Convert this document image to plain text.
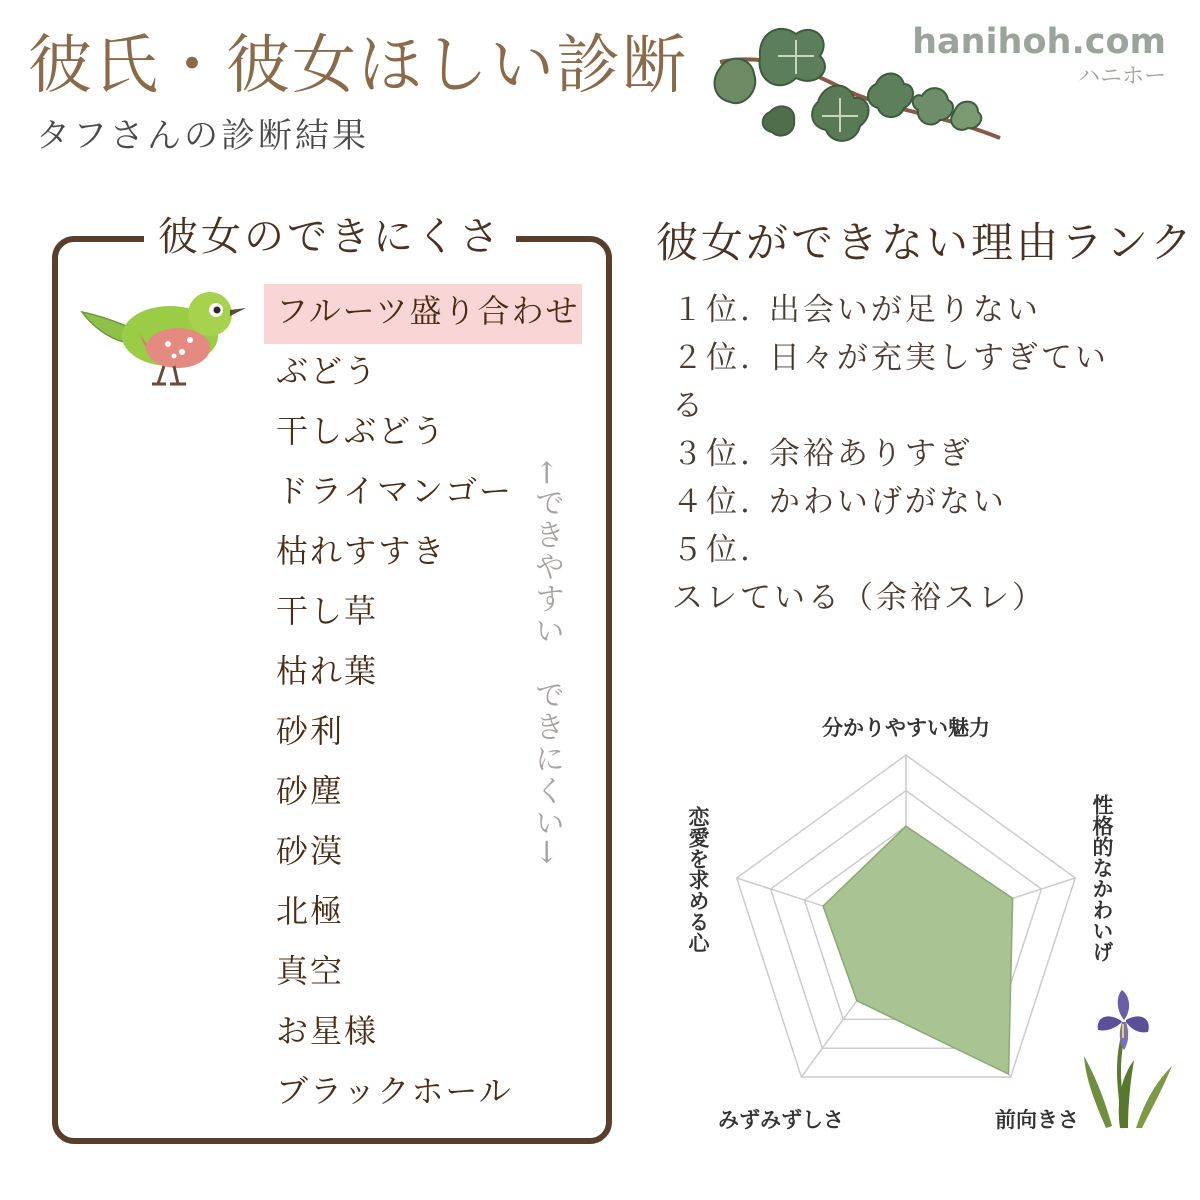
彼氏・彼女ほしい診断
タフさんの診断結果
hanihoh.com
ハニホー
彼女のできにくさ
フルーツ盛り合わせ
ぶどう
干しぶどう
ドライマンゴー
枯れすすき
干し草
枯れ葉
砂利
砂塵
砂漠
北極
真空
お星様
ブラックホール
←できやすい　できにくい→
彼女ができない理由ランク
１位. 出会いが足りない
２位. 日々が充実しすぎている
３位. 余裕ありすぎ
４位. かわいげがない
５位.スレている（余裕スレ）
分かりやすい魅力
性格的なかわいげ
前向きさ
みずみずしさ
恋愛を求める心
